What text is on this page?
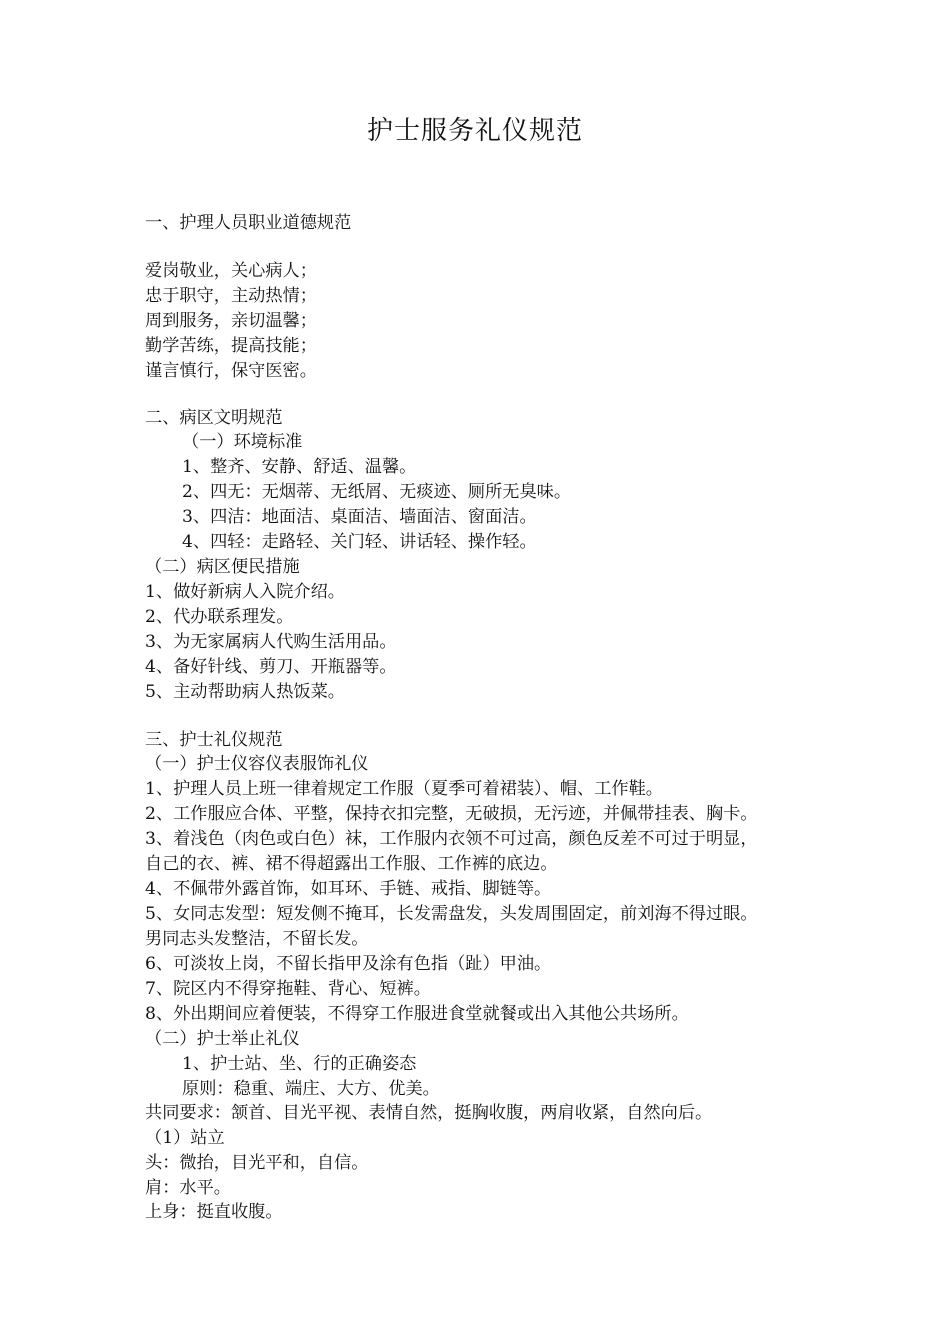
护士服务礼仪规范
一、护理人员职业道德规范
爱岗敬业，关心病人；
忠于职守，主动热情；
周到服务，亲切温馨；
勤学苦练，提高技能；
谨言慎行，保守医密。
二、病区文明规范
（一）环境标准
1、整齐、安静、舒适、温馨。
2、四无：无烟蒂、无纸屑、无痰迹、厕所无臭味。
3、四洁：地面洁、桌面洁、墙面洁、窗面洁。
4、四轻：走路轻、关门轻、讲话轻、操作轻。
（二）病区便民措施
1、做好新病人入院介绍。
2、代办联系理发。
3、为无家属病人代购生活用品。
4、备好针线、剪刀、开瓶器等。
5、主动帮助病人热饭菜。
三、护士礼仪规范
（一）护士仪容仪表服饰礼仪
1、护理人员上班一律着规定工作服（夏季可着裙装）、帽、工作鞋。
2、工作服应合体、平整，保持衣扣完整，无破损，无污迹，并佩带挂表、胸卡。
3、着浅色（肉色或白色）袜，工作服内衣领不可过高，颜色反差不可过于明显，
自己的衣、裤、裙不得超露出工作服、工作裤的底边。
4、不佩带外露首饰，如耳环、手链、戒指、脚链等。
5、女同志发型：短发侧不掩耳，长发需盘发，头发周围固定，前刘海不得过眼。
男同志头发整洁，不留长发。
6、可淡妆上岗，不留长指甲及涂有色指（趾）甲油。
7、院区内不得穿拖鞋、背心、短裤。
8、外出期间应着便装，不得穿工作服进食堂就餐或出入其他公共场所。
（二）护士举止礼仪
1、护士站、坐、行的正确姿态
原则：稳重、端庄、大方、优美。
共同要求：颔首、目光平视、表情自然，挺胸收腹，两肩收紧，自然向后。
（1）站立
头：微抬，目光平和，自信。
肩：水平。
上身：挺直收腹。
